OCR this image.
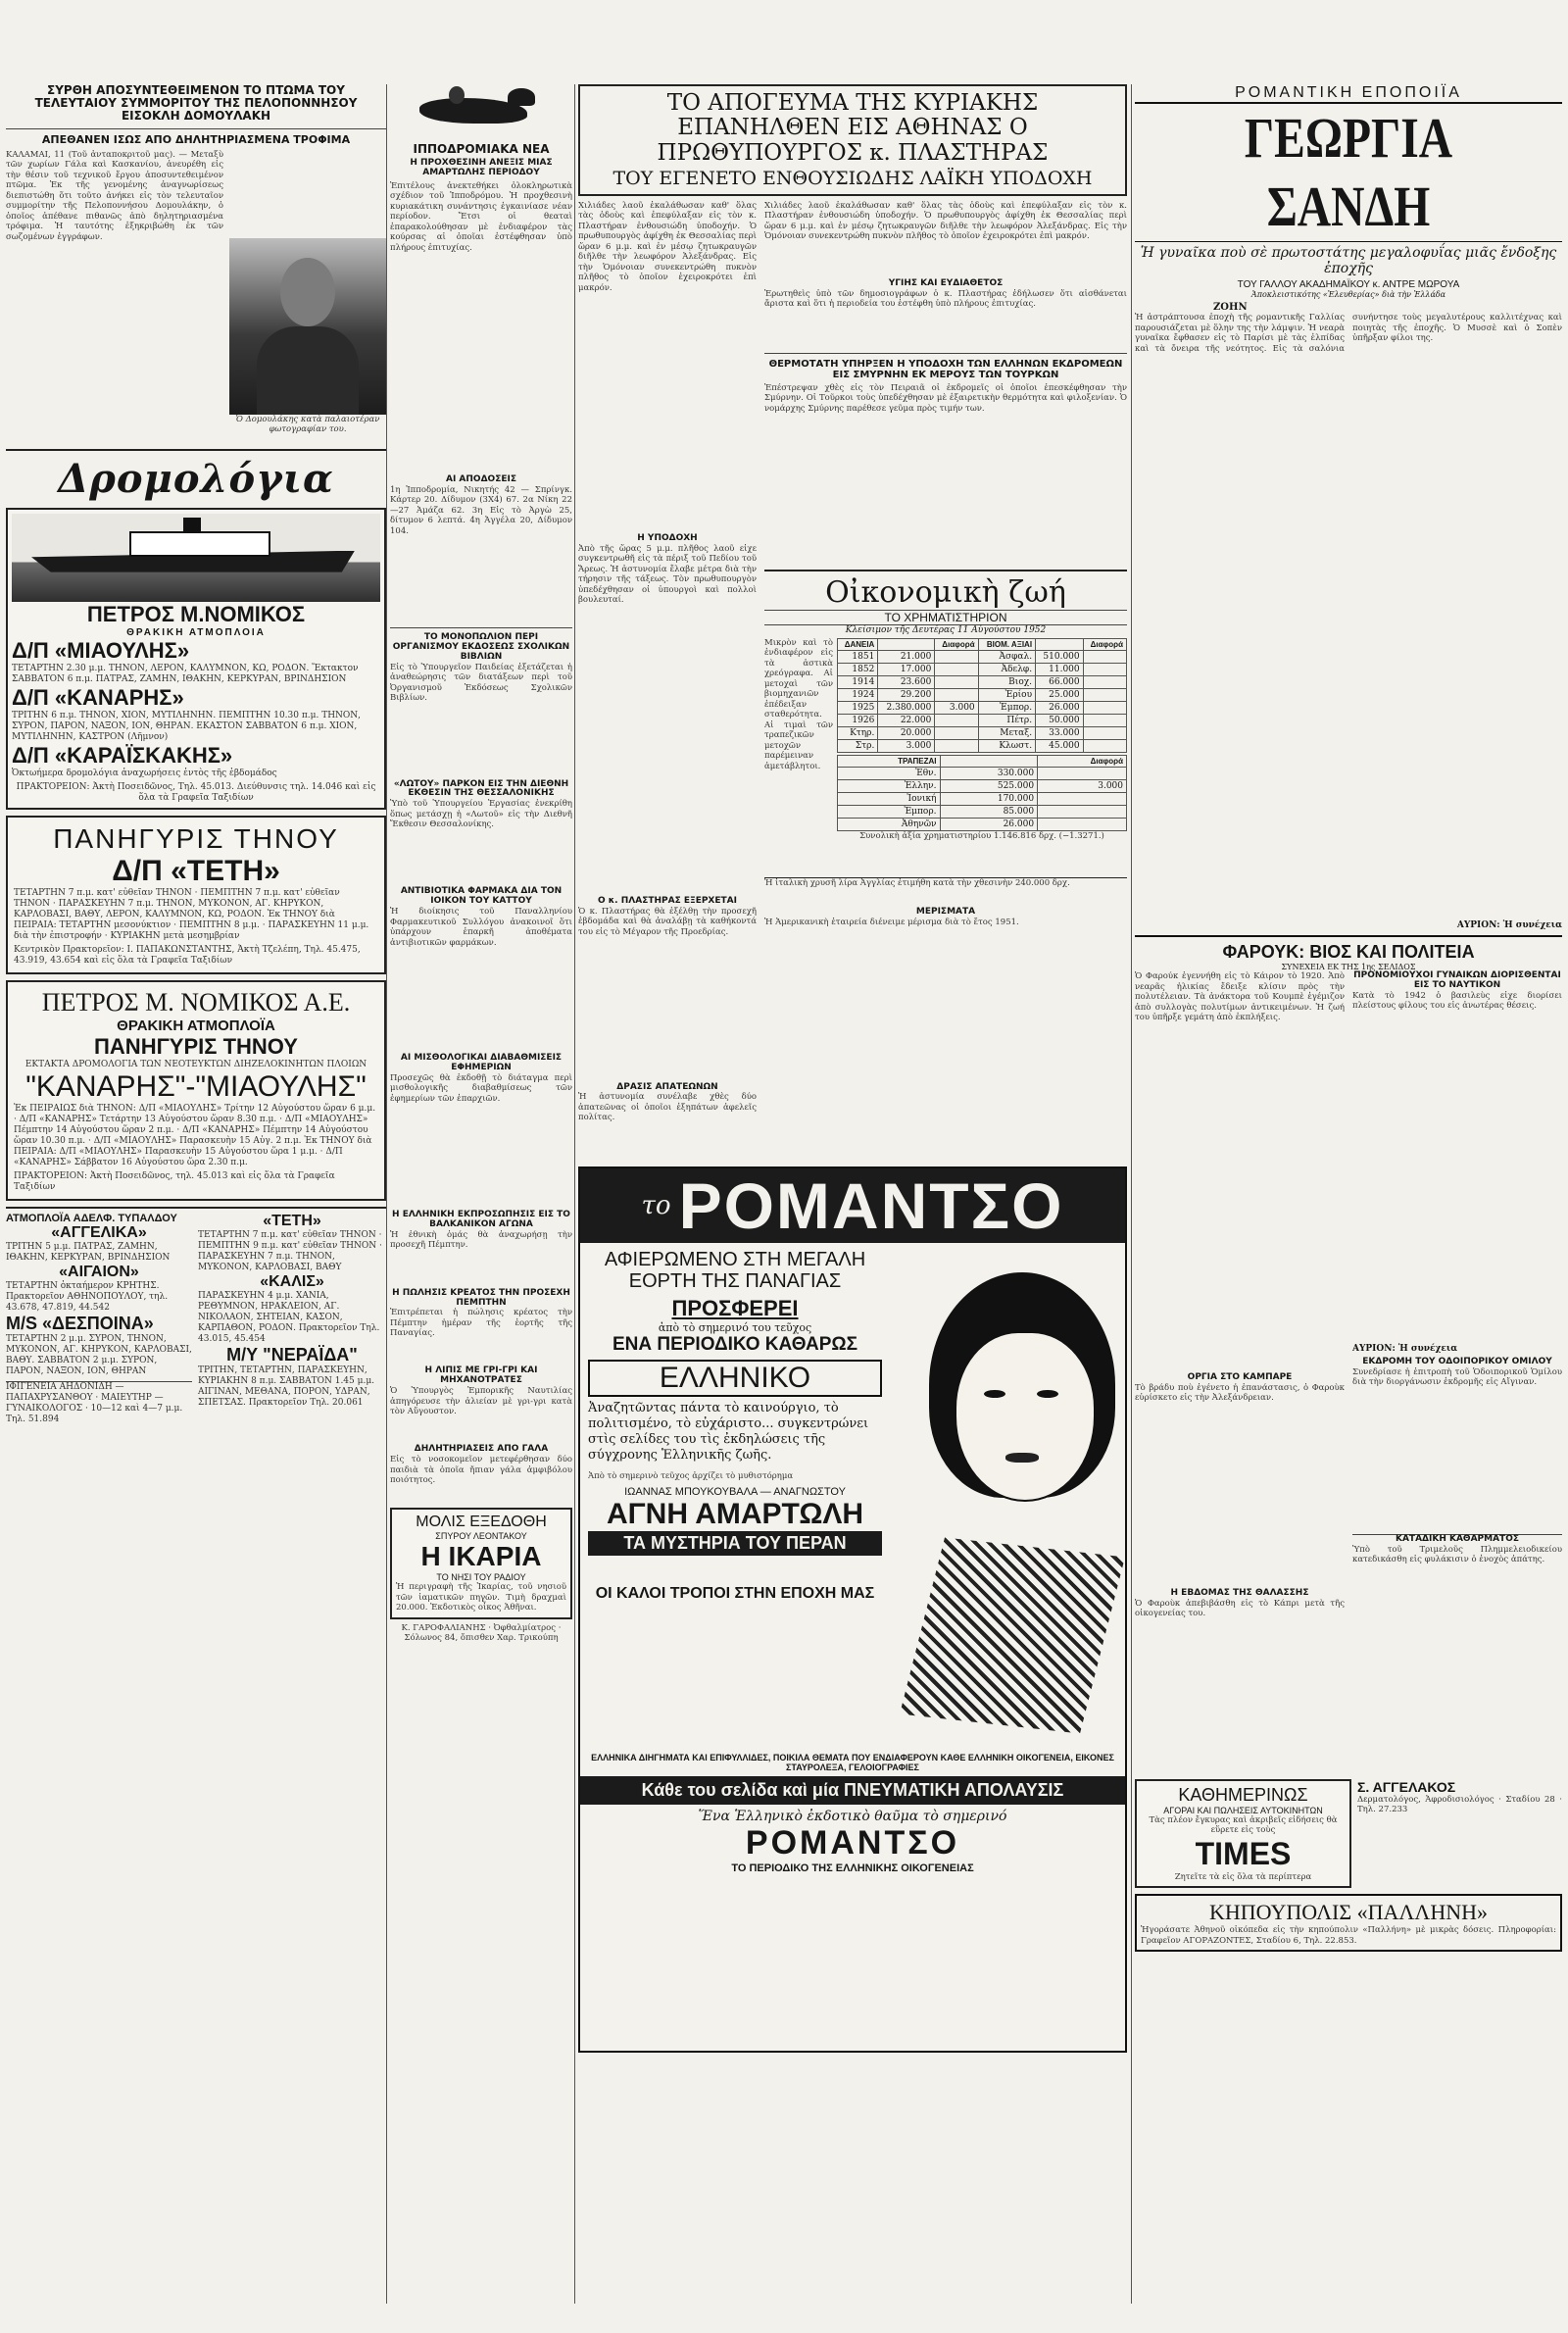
ΣΥΡΘΗ ΑΠΟΣΥΝΤΕΘΕΙΜΕΝΟΝ ΤΟ ΠΤΩΜΑ ΤΟΥ ΤΕΛΕΥΤΑΙΟΥ ΣΥΜΜΟΡΙΤΟΥ ΤΗΣ ΠΕΛΟΠΟΝΝΗΣΟΥ ΕΙΣΟΚΛΗ ΔΟΜΟΥΛΑΚΗ
ΑΠΕΘΑΝΕΝ ΙΣΩΣ ΑΠΟ ΔΗΛΗΤΗΡΙΑΣΜΕΝΑ ΤΡΟΦΙΜΑ
ΚΑΛΑΜΑΙ, 11 (Τοῦ ἀνταποκριτοῦ μας). — Μεταξὺ τῶν χωρίων Γάλα καὶ Κασκανίου, ἀνευρέθη εἰς τὴν θέσιν τοῦ τεχνικοῦ ἔργου ἀποσυντεθειμένον πτῶμα. Ἐκ τῆς γενομένης ἀναγνωρίσεως διεπιστώθη ὅτι τοῦτο ἀνήκει εἰς τὸν τελευταῖον συμμορίτην τῆς Πελοποννήσου Δομουλάκην, ὁ ὁποῖος ἀπέθανε πιθανῶς ἀπὸ δηλητηριασμένα τρόφιμα. Ἡ ταυτότης ἐξηκριβώθη ἐκ τῶν σωζομένων ἐγγράφων.
Ὁ Δομουλάκης κατὰ παλαιοτέραν φωτογραφίαν του.
Δρομολόγια
ΠΕΤΡΟΣ Μ.ΝΟΜΙΚΟΣ
ΘΡΑΚΙΚΗ ΑΤΜΟΠΛΟΙΑ
Δ/Π «ΜΙΑΟΥΛΗΣ»
ΤΕΤΑΡΤΗΝ 2.30 μ.μ. ΤΗΝΟΝ, ΛΕΡΟΝ, ΚΑΛΥΜΝΟΝ, ΚΩ, ΡΟΔΟΝ. Ἔκτακτον ΣΑΒΒΑΤΟΝ 6 π.μ. ΠΑΤΡΑΣ, ΖΑΜΗΝ, ΙΘΑΚΗΝ, ΚΕΡΚΥΡΑΝ, ΒΡΙΝΔΗΣΙΟΝ
Δ/Π «ΚΑΝΑΡΗΣ»
ΤΡΙΤΗΝ 6 π.μ. ΤΗΝΟΝ, ΧΙΟΝ, ΜΥΤΙΛΗΝΗΝ. ΠΕΜΠΤΗΝ 10.30 π.μ. ΤΗΝΟΝ, ΣΥΡΟΝ, ΠΑΡΟΝ, ΝΑΞΟΝ, ΙΟΝ, ΘΗΡΑΝ. ΕΚΑΣΤΟΝ ΣΑΒΒΑΤΟΝ 6 π.μ. ΧΙΟΝ, ΜΥΤΙΛΗΝΗΝ, ΚΑΣΤΡΟΝ (Λῆμνον)
Δ/Π «ΚΑΡΑΪΣΚΑΚΗΣ»
Ὀκτωήμερα δρομολόγια ἀναχωρήσεις ἐντὸς τῆς ἑβδομάδος
ΠΡΑΚΤΟΡΕΙΟΝ: Ἀκτὴ Ποσειδῶνος, Τηλ. 45.013. Διεύθυνσις τηλ. 14.046 καὶ εἰς ὅλα τὰ Γραφεῖα Ταξιδίων
ΠΑΝΗΓΥΡΙΣ ΤΗΝΟΥ
Δ/Π «ΤΕΤΗ»
ΤΕΤΑΡΤΗΝ 7 π.μ. κατ' εὐθεῖαν ΤΗΝΟΝ · ΠΕΜΠΤΗΝ 7 π.μ. κατ' εὐθεῖαν ΤΗΝΟΝ · ΠΑΡΑΣΚΕΥΗΝ 7 π.μ. ΤΗΝΟΝ, ΜΥΚΟΝΟΝ, ΑΓ. ΚΗΡΥΚΟΝ, ΚΑΡΛΟΒΑΣΙ, ΒΑΘΥ, ΛΕΡΟΝ, ΚΑΛΥΜΝΟΝ, ΚΩ, ΡΟΔΟΝ. Ἐκ ΤΗΝΟΥ διὰ ΠΕΙΡΑΙΑ: ΤΕΤΑΡΤΗΝ μεσονύκτιον · ΠΕΜΠΤΗΝ 8 μ.μ. · ΠΑΡΑΣΚΕΥΗΝ 11 μ.μ. διὰ τὴν ἐπιστροφήν · ΚΥΡΙΑΚΗΝ μετὰ μεσημβρίαν
Κεντρικὸν Πρακτορεῖον: Ι. ΠΑΠΑΚΩΝΣΤΑΝΤΗΣ, Ἀκτὴ Τζελέπη, Τηλ. 45.475, 43.919, 43.654 καὶ εἰς ὅλα τὰ Γραφεῖα Ταξιδίων
ΠΕΤΡΟΣ Μ. ΝΟΜΙΚΟΣ Α.Ε.
ΘΡΑΚΙΚΗ ΑΤΜΟΠΛΟΪΑ
ΠΑΝΗΓΥΡΙΣ ΤΗΝΟΥ
ΕΚΤΑΚΤΑ ΔΡΟΜΟΛΟΓΙΑ ΤΩΝ ΝΕΟΤΕΥΚΤΩΝ ΔΙΗΖΕΛΟΚΙΝΗΤΩΝ ΠΛΟΙΩΝ
"ΚΑΝΑΡΗΣ"-"ΜΙΑΟΥΛΗΣ"
Ἐκ ΠΕΙΡΑΙΩΣ διὰ ΤΗΝΟΝ: Δ/Π «ΜΙΑΟΥΛΗΣ» Τρίτην 12 Αὐγούστου ὥραν 6 μ.μ. · Δ/Π «ΚΑΝΑΡΗΣ» Τετάρτην 13 Αὐγούστου ὥραν 8.30 π.μ. · Δ/Π «ΜΙΑΟΥΛΗΣ» Πέμπτην 14 Αὐγούστου ὥραν 2 π.μ. · Δ/Π «ΚΑΝΑΡΗΣ» Πέμπτην 14 Αὐγούστου ὥραν 10.30 π.μ. · Δ/Π «ΜΙΑΟΥΛΗΣ» Παρασκευὴν 15 Αὐγ. 2 π.μ. Ἐκ ΤΗΝΟΥ διὰ ΠΕΙΡΑΙΑ: Δ/Π «ΜΙΑΟΥΛΗΣ» Παρασκευὴν 15 Αὐγούστου ὥρα 1 μ.μ. · Δ/Π «ΚΑΝΑΡΗΣ» Σάββατον 16 Αὐγούστου ὥρα 2.30 π.μ.
ΠΡΑΚΤΟΡΕΙΟΝ: Ἀκτὴ Ποσειδῶνος, τηλ. 45.013 καὶ εἰς ὅλα τὰ Γραφεῖα Ταξιδίων
ΑΤΜΟΠΛΟΪΑ ΑΔΕΛΦ. ΤΥΠΑΛΔΟΥ
«ΑΓΓΕΛΙΚΑ»
ΤΡΙΤΗΝ 5 μ.μ. ΠΑΤΡΑΣ, ΖΑΜΗΝ, ΙΘΑΚΗΝ, ΚΕΡΚΥΡΑΝ, ΒΡΙΝΔΗΣΙΟΝ
«ΑΙΓΑΙΟΝ»
ΤΕΤΑΡΤΗΝ ὀκταήμερον ΚΡΗΤΗΣ. Πρακτορεῖον ΑΘΗΝΟΠΟΥΛΟΥ, τηλ. 43.678, 47.819, 44.542
M/S «ΔΕΣΠΟΙΝΑ»
ΤΕΤΑΡΤΗΝ 2 μ.μ. ΣΥΡΟΝ, ΤΗΝΟΝ, ΜΥΚΟΝΟΝ, ΑΓ. ΚΗΡΥΚΟΝ, ΚΑΡΛΟΒΑΣΙ, ΒΑΘΥ. ΣΑΒΒΑΤΟΝ 2 μ.μ. ΣΥΡΟΝ, ΠΑΡΟΝ, ΝΑΞΟΝ, ΙΟΝ, ΘΗΡΑΝ
ΙΦΙΓΕΝΕΙΑ ΑΗΔΟΝΙΔΗ — ΠΑΠΑΧΡΥΣΑΝΘΟΥ · ΜΑΙΕΥΤΗΡ — ΓΥΝΑΙΚΟΛΟΓΟΣ · 10—12 καὶ 4—7 μ.μ. Τηλ. 51.894
«ΤΕΤΗ»
ΤΕΤΑΡΤΗΝ 7 π.μ. κατ' εὐθεῖαν ΤΗΝΟΝ · ΠΕΜΠΤΗΝ 9 π.μ. κατ' εὐθεῖαν ΤΗΝΟΝ · ΠΑΡΑΣΚΕΥΗΝ 7 π.μ. ΤΗΝΟΝ, ΜΥΚΟΝΟΝ, ΚΑΡΛΟΒΑΣΙ, ΒΑΘΥ
«ΚΑΛΙΣ»
ΠΑΡΑΣΚΕΥΗΝ 4 μ.μ. ΧΑΝΙΑ, ΡΕΘΥΜΝΟΝ, ΗΡΑΚΛΕΙΟΝ, ΑΓ. ΝΙΚΟΛΑΟΝ, ΣΗΤΕΙΑΝ, ΚΑΣΟΝ, ΚΑΡΠΑΘΟΝ, ΡΟΔΟΝ. Πρακτορεῖον Τηλ. 43.015, 45.454
M/Υ "ΝΕΡΑΪΔΑ"
ΤΡΙΤΗΝ, ΤΕΤΑΡΤΗΝ, ΠΑΡΑΣΚΕΥΗΝ, ΚΥΡΙΑΚΗΝ 8 π.μ. ΣΑΒΒΑΤΟΝ 1.45 μ.μ. ΑΙΓΙΝΑΝ, ΜΕΘΑΝΑ, ΠΟΡΟΝ, ΥΔΡΑΝ, ΣΠΕΤΣΑΣ. Πρακτορεῖον Τηλ. 20.061
ΙΠΠΟΔΡΟΜΙΑΚΑ ΝΕΑ
Η ΠΡΟΧΘΕΣΙΝΗ ΑΝΕΞΙΣ ΜΙΑΣ ΑΜΑΡΤΩΛΗΣ ΠΕΡΙΟΔΟΥ
Ἐπιτέλους ἀνεκτεθήκει ὁλοκληρωτικὰ σχέδιον τοῦ Ἱπποδρόμου. Ἡ προχθεσινὴ κυριακάτικη συνάντησις ἐγκαινίασε νέαν περίοδον. Ἔτσι οἱ θεαταὶ ἐπαρακολούθησαν μὲ ἐνδιαφέρον τὰς κούρσας αἱ ὁποῖαι ἐστέφθησαν ὑπὸ πλήρους ἐπιτυχίας.
ΑΙ ΑΠΟΔΟΣΕΙΣ
1η Ἱπποδρομία, Νικητής 42 — Σπρίνγκ. Κάρτερ 20. Δίδυμον (3Χ4) 67. 2α Νίκη 22—27 Ἀμάζα 62. 3η Εἰς τὸ Ἀργὼ 25, δίτυμον 6 λεπτά. 4η Ἀγγέλα 20, Δίδυμον 104.
ΤΟ ΜΟΝΟΠΩΛΙΟΝ ΠΕΡΙ ΟΡΓΑΝΙΣΜΟΥ ΕΚΔΟΣΕΩΣ ΣΧΟΛΙΚΩΝ ΒΙΒΛΙΩΝ
Εἰς τὸ Ὑπουργεῖον Παιδείας ἐξετάζεται ἡ ἀναθεώρησις τῶν διατάξεων περὶ τοῦ Ὀργανισμοῦ Ἐκδόσεως Σχολικῶν Βιβλίων.
«ΛΩΤΟΥ» ΠΑΡΚΟΝ ΕΙΣ ΤΗΝ ΔΙΕΘΝΗ ΕΚΘΕΣΙΝ ΤΗΣ ΘΕΣΣΑΛΟΝΙΚΗΣ
Ὑπὸ τοῦ Ὑπουργείου Ἐργασίας ἐνεκρίθη ὅπως μετάσχῃ ἡ «Λωτοῦ» εἰς τὴν Διεθνῆ Ἔκθεσιν Θεσσαλονίκης.
ΑΝΤΙΒΙΟΤΙΚΑ ΦΑΡΜΑΚΑ ΔΙΑ ΤΟΝ ΙΟΙΚΟΝ ΤΟΥ ΚΑΤΤΟΥ
Ἡ διοίκησις τοῦ Παναλληνίου Φαρμακευτικοῦ Συλλόγου ἀνακοινοῖ ὅτι ὑπάρχουν ἐπαρκῆ ἀποθέματα ἀντιβιοτικῶν φαρμάκων.
ΑΙ ΜΙΣΘΟΛΟΓΙΚΑΙ ΔΙΑΒΑΘΜΙΣΕΙΣ ΕΦΗΜΕΡΙΩΝ
Προσεχῶς θὰ ἐκδοθῇ τὸ διάταγμα περὶ μισθολογικῆς διαβαθμίσεως τῶν ἐφημερίων τῶν ἐπαρχιῶν.
Η ΕΛΛΗΝΙΚΗ ΕΚΠΡΟΣΩΠΗΣΙΣ ΕΙΣ ΤΟ ΒΑΛΚΑΝΙΚΟΝ ΑΓΩΝΑ
Ἡ ἐθνικὴ ὁμάς θὰ ἀναχωρήσῃ τὴν προσεχῆ Πέμπτην.
Η ΠΩΛΗΣΙΣ ΚΡΕΑΤΟΣ ΤΗΝ ΠΡΟΣΕΧΗ ΠΕΜΠΤΗΝ
Ἐπιτρέπεται ἡ πώλησις κρέατος τὴν Πέμπτην ἡμέραν τῆς ἑορτῆς τῆς Παναγίας.
Η ΛΙΠΙΣ ΜΕ ΓΡΙ-ΓΡΙ ΚΑΙ ΜΗΧΑΝΟΤΡΑΤΕΣ
Ὁ Ὑπουργὸς Ἐμπορικῆς Ναυτιλίας ἀπηγόρευσε τὴν ἁλιείαν μὲ γρι-γρι κατὰ τὸν Αὔγουστον.
ΔΗΛΗΤΗΡΙΑΣΕΙΣ ΑΠΟ ΓΑΛΑ
Εἰς τὸ νοσοκομεῖον μετεφέρθησαν δύο παιδιὰ τὰ ὁποῖα ἤπιαν γάλα ἀμφιβόλου ποιότητος.
ΜΟΛΙΣ ΕΞΕΔΟΘΗ
ΣΠΥΡΟΥ ΛΕΟΝΤΑΚΟΥ
Η ΙΚΑΡΙΑ
ΤΟ ΝΗΣΙ ΤΟΥ ΡΑΔΙΟΥ
Ἡ περιγραφὴ τῆς Ἰκαρίας, τοῦ νησιοῦ τῶν ἰαματικῶν πηγῶν. Τιμὴ δραχμαὶ 20.000. Ἐκδοτικὸς οἶκος Ἀθῆναι.
Κ. ΓΑΡΟΦΑΛΙΑΝΗΣ · Ὀφθαλμίατρος · Σόλωνος 84, ὄπισθεν Χαρ. Τρικούπη
ΤΟ ΑΠΟΓΕΥΜΑ ΤΗΣ ΚΥΡΙΑΚΗΣ ΕΠΑΝΗΛΘΕΝ ΕΙΣ ΑΘΗΝΑΣ Ο ΠΡΩΘΥΠΟΥΡΓΟΣ κ. ΠΛΑΣΤΗΡΑΣ
ΤΟΥ ΕΓΕΝΕΤΟ ΕΝΘΟΥΣΙΩΔΗΣ ΛΑΪΚΗ ΥΠΟΔΟΧΗ
Χιλιάδες λαοῦ ἐκαλάθωσαν καθ' ὅλας τὰς ὁδοὺς καὶ ἐπεφύλαξαν εἰς τὸν κ. Πλαστήραν ἐνθουσιώδη ὑποδοχήν. Ὁ πρωθυπουργὸς ἀφίχθη ἐκ Θεσσαλίας περὶ ὥραν 6 μ.μ. καὶ ἐν μέσῳ ζητωκραυγῶν διῆλθε τὴν λεωφόρον Ἀλεξάνδρας. Εἰς τὴν Ὁμόνοιαν συνεκεντρώθη πυκνὸν πλῆθος τὸ ὁποῖον ἐχειροκρότει ἐπὶ μακρόν.
Η ΥΠΟΔΟΧΗ
Ἀπὸ τῆς ὥρας 5 μ.μ. πλῆθος λαοῦ εἶχε συγκεντρωθῆ εἰς τὰ πέριξ τοῦ Πεδίου τοῦ Ἄρεως. Ἡ ἀστυνομία ἔλαβε μέτρα διὰ τὴν τήρησιν τῆς τάξεως. Τὸν πρωθυπουργὸν ὑπεδέχθησαν οἱ ὑπουργοὶ καὶ πολλοὶ βουλευταί.
Ο κ. ΠΛΑΣΤΗΡΑΣ ΕΞΕΡΧΕΤΑΙ
Ὁ κ. Πλαστήρας θὰ ἐξέλθῃ τὴν προσεχῆ ἑβδομάδα καὶ θὰ ἀναλάβῃ τὰ καθήκοντά του εἰς τὸ Μέγαρον τῆς Προεδρίας.
ΔΡΑΣΙΣ ΑΠΑΤΕΩΝΩΝ
Ἡ ἀστυνομία συνέλαβε χθὲς δύο ἀπατεῶνας οἱ ὁποῖοι ἐξηπάτων ἀφελεῖς πολίτας.
Χιλιάδες λαοῦ ἐκαλάθωσαν καθ' ὅλας τὰς ὁδοὺς καὶ ἐπεφύλαξαν εἰς τὸν κ. Πλαστήραν ἐνθουσιώδη ὑποδοχήν. Ὁ πρωθυπουργὸς ἀφίχθη ἐκ Θεσσαλίας περὶ ὥραν 6 μ.μ. καὶ ἐν μέσῳ ζητωκραυγῶν διῆλθε τὴν λεωφόρον Ἀλεξάνδρας. Εἰς τὴν Ὁμόνοιαν συνεκεντρώθη πυκνὸν πλῆθος τὸ ὁποῖον ἐχειροκρότει ἐπὶ μακρόν.
ΥΓΙΗΣ ΚΑΙ ΕΥΔΙΑΘΕΤΟΣ
Ἐρωτηθεὶς ὑπὸ τῶν δημοσιογράφων ὁ κ. Πλαστήρας ἐδήλωσεν ὅτι αἰσθάνεται ἄριστα καὶ ὅτι ἡ περιοδεία του ἐστέφθη ὑπὸ πλήρους ἐπιτυχίας.
ΘΕΡΜΟΤΑΤΗ ΥΠΗΡΞΕΝ Η ΥΠΟΔΟΧΗ ΤΩΝ ΕΛΛΗΝΩΝ ΕΚΔΡΟΜΕΩΝ ΕΙΣ ΣΜΥΡΝΗΝ ΕΚ ΜΕΡΟΥΣ ΤΩΝ ΤΟΥΡΚΩΝ
Ἐπέστρεψαν χθὲς εἰς τὸν Πειραιᾶ οἱ ἐκδρομεῖς οἱ ὁποῖοι ἐπεσκέφθησαν τὴν Σμύρνην. Οἱ Τοῦρκοι τοὺς ὑπεδέχθησαν μὲ ἐξαιρετικὴν θερμότητα καὶ φιλοξενίαν. Ὁ νομάρχης Σμύρνης παρέθεσε γεῦμα πρὸς τιμήν των.
Οἰκονομικὴ ζωή
ΤΟ ΧΡΗΜΑΤΙΣΤΗΡΙΟΝ
Κλείσιμον τῆς Δευτέρας 11 Αὐγούστου 1952
Μικρὸν καὶ τὸ ἐνδιαφέρον εἰς τὰ ἀστικὰ χρεόγραφα. Αἱ μετοχαὶ τῶν βιομηχανιῶν ἐπέδειξαν σταθερότητα. Αἱ τιμαὶ τῶν τραπεζικῶν μετοχῶν παρέμειναν ἀμετάβλητοι.
ΔΑΝΕΙΑ		Διαφορά	ΒΙΟΜ. ΑΞΙΑΙ		Διαφορά
1851	21.000		Ἀσφαλ.	510.000	
1852	17.000		Ἀδελφ.	11.000	
1914	23.600		Βιοχ.	66.000	
1924	29.200		Ἐρίου	25.000	
1925	2.380.000	3.000	Ἐμπορ.	26.000	
1926	22.000		Πέτρ.	50.000	
Κτηρ.	20.000		Μεταξ.	33.000	
Στρ.	3.000		Κλωστ.	45.000	
ΤΡΑΠΕΖΑΙ		Διαφορά
Ἐθν.	330.000	
Ἐλλην.	525.000	3.000
Ἰονική	170.000	
Ἐμπορ.	85.000	
Ἀθηνῶν	26.000	
Συνολικὴ ἀξία χρηματιστηρίου 1.146.816 δρχ. (−1.3271.)
Ἡ ἰταλικὴ χρυσῆ λίρα Ἀγγλίας ἐτιμήθη κατὰ τὴν χθεσινὴν 240.000 δρχ.
ΜΕΡΙΣΜΑΤΑ
Ἡ Ἀμερικανικὴ ἐταιρεία διένειμε μέρισμα διὰ τὸ ἔτος 1951.
το ΡΟΜΑΝΤΣΟ
ΑΦΙΕΡΩΜΕΝΟ ΣΤΗ ΜΕΓΑΛΗ ΕΟΡΤΗ ΤΗΣ ΠΑΝΑΓΙΑΣ
ΠΡΟΣΦΕΡΕΙ
ἀπὸ τὸ σημερινό του τεῦχος
ΕΝΑ ΠΕΡΙΟΔΙΚΟ ΚΑΘΑΡΩΣ
ΕΛΛΗΝΙΚΟ
Ἀναζητῶντας πάντα τὸ καινούργιο, τὸ πολιτισμένο, τὸ εὐχάριστο... συγκεντρώνει στὶς σελίδες του τὶς ἐκδηλώσεις τῆς σύγχρονης Ἑλληνικῆς ζωῆς.
Ἀπὸ τὸ σημερινὸ τεῦχος ἀρχίζει τὸ μυθιστόρημα
ΙΩΑΝΝΑΣ ΜΠΟΥΚΟΥΒΑΛΑ — ΑΝΑΓΝΩΣΤΟΥ
ΑΓΝΗ ΑΜΑΡΤΩΛΗ
ΤΑ ΜΥΣΤΗΡΙΑ ΤΟΥ ΠΕΡΑΝ
ΟΙ ΚΑΛΟΙ ΤΡΟΠΟΙ ΣΤΗΝ ΕΠΟΧΗ ΜΑΣ
ΕΛΛΗΝΙΚΑ ΔΙΗΓΗΜΑΤΑ ΚΑΙ ΕΠΙΦΥΛΛΙΔΕΣ, ΠΟΙΚΙΛΑ ΘΕΜΑΤΑ ΠΟΥ ΕΝΔΙΑΦΕΡΟΥΝ ΚΑΘΕ ΕΛΛΗΝΙΚΗ ΟΙΚΟΓΕΝΕΙΑ, ΕΙΚΟΝΕΣ ΣΤΑΥΡΟΛΕΞΑ, ΓΕΛΟΙΟΓΡΑΦΙΕΣ
Κάθε του σελίδα καὶ μία ΠΝΕΥΜΑΤΙΚΗ ΑΠΟΛΑΥΣΙΣ
Ἕνα Ἑλληνικὸ ἐκδοτικὸ θαῦμα τὸ σημερινό
ΡΟΜΑΝΤΣΟ
ΤΟ ΠΕΡΙΟΔΙΚΟ ΤΗΣ ΕΛΛΗΝΙΚΗΣ ΟΙΚΟΓΕΝΕΙΑΣ
ΡΟΜΑΝΤΙΚΗ ΕΠΟΠΟΙΪΑ
ΓΕΩΡΓΙΑ ΣΑΝΔΗ
Ἡ γυναῖκα ποὺ σὲ πρωτοστάτης μεγαλοφυΐας μιᾶς ἔνδοξης ἐποχῆς
ΤΟΥ ΓΑΛΛΟΥ ΑΚΑΔΗΜΑΪΚΟΥ κ. ΑΝΤΡΕ ΜΩΡΟΥΑ
Ἀποκλειστικότης «Ἐλευθερίας» διὰ τὴν Ἑλλάδα
ΖΟΗΝ
Ἡ ἀστράπτουσα ἐποχὴ τῆς ρομαντικῆς Γαλλίας παρουσιάζεται μὲ ὅλην της τὴν λάμψιν. Ἡ νεαρὰ γυναῖκα ἔφθασεν εἰς τὸ Παρίσι μὲ τὰς ἐλπίδας καὶ τὰ ὄνειρα τῆς νεότητος. Εἰς τὰ σαλόνια συνήντησε τοὺς μεγαλυτέρους καλλιτέχνας καὶ ποιητὰς τῆς ἐποχῆς. Ὁ Μυσσὲ καὶ ὁ Σοπὲν ὑπῆρξαν φίλοι της.
ΑΥΡΙΟΝ: Ἡ συνέχεια
ΦΑΡΟΥΚ: ΒΙΟΣ ΚΑΙ ΠΟΛΙΤΕΙΑ
ΣΥΝΕΧΕΙΑ ΕΚ ΤΗΣ 1ης ΣΕΛΙΔΟΣ
Ὁ Φαρούκ ἐγεννήθη εἰς τὸ Κάιρον τὸ 1920. Ἀπὸ νεαρᾶς ἡλικίας ἔδειξε κλίσιν πρὸς τὴν πολυτέλειαν. Τὰ ἀνάκτορα τοῦ Κουμπὲ ἐγέμιζον ἀπὸ συλλογὰς πολυτίμων ἀντικειμένων. Ἡ ζωή του ὑπῆρξε γεμάτη ἀπὸ ἐκπλήξεις.
ΟΡΓΙΑ ΣΤΟ ΚΑΜΠΑΡΕ
Τὸ βράδυ ποὺ ἐγένετο ἡ ἐπανάστασις, ὁ Φαροὺκ εὑρίσκετο εἰς τὴν Ἀλεξάνδρειαν.
Η ΕΒΔΟΜΑΣ ΤΗΣ ΘΑΛΑΣΣΗΣ
Ὁ Φαροὺκ ἀπεβιβάσθη εἰς τὸ Κάπρι μετὰ τῆς οἰκογενείας του.
ΠΡΟΝΟΜΙΟΥΧΟΙ ΓΥΝΑΙΚΩΝ ΔΙΟΡΙΣΘΕΝΤΑΙ ΕΙΣ ΤΟ ΝΑΥΤΙΚΟΝ
Κατὰ τὸ 1942 ὁ βασιλεὺς εἶχε διορίσει πλείστους φίλους του εἰς ἀνωτέρας θέσεις.
ΑΥΡΙΟΝ: Ἡ συνέχεια
ΕΚΔΡΟΜΗ ΤΟΥ ΟΔΟΙΠΟΡΙΚΟΥ ΟΜΙΛΟΥ
Συνεδρίασε ἡ ἐπιτροπὴ τοῦ Ὁδοιπορικοῦ Ὁμίλου διὰ τὴν διοργάνωσιν ἐκδρομῆς εἰς Αἴγιναν.
ΚΑΤΑΔΙΚΗ ΚΑΘΑΡΜΑΤΟΣ
Ὑπὸ τοῦ Τριμελοῦς Πλημμελειοδικείου κατεδικάσθη εἰς φυλάκισιν ὁ ἐνοχὸς ἀπάτης.
ΚΑΘΗΜΕΡΙΝΩΣ
ΑΓΟΡΑΙ ΚΑΙ ΠΩΛΗΣΕΙΣ ΑΥΤΟΚΙΝΗΤΩΝ
Τὰς πλέον ἔγκυρας καὶ ἀκριβεῖς εἰδήσεις θὰ εὕρετε εἰς τοὺς
TIMES
Ζητεῖτε τὰ εἰς ὅλα τὰ περίπτερα
Σ. ΑΓΓΕΛΑΚΟΣ
Δερματολόγος, Ἀφροδισιολόγος · Σταδίου 28 · Τηλ. 27.233
ΚΗΠΟΥΠΟΛΙΣ «ΠΑΛΛΗΝΗ»
Ἠγοράσατε Ἀθηνοῦ οἰκόπεδα εἰς τὴν κηπούπολιν «Παλλήνη» μὲ μικρὰς δόσεις. Πληροφορίαι: Γραφεῖον ΑΓΟΡΑΖΟΝΤΕΣ, Σταδίου 6, Τηλ. 22.853.
